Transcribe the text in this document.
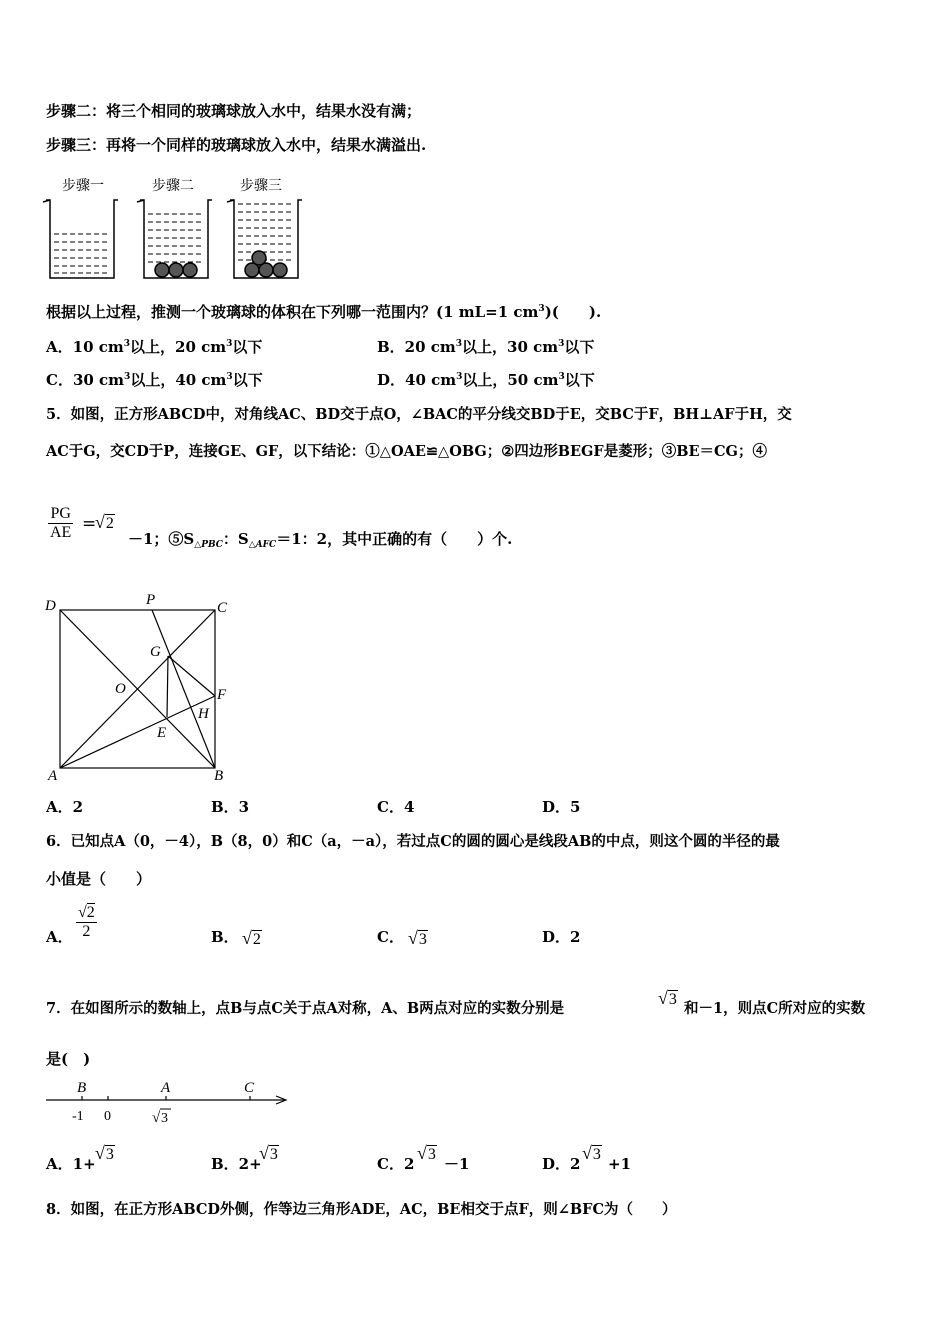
步骤二：将三个相同的玻璃球放入水中，结果水没有满；
步骤三：再将一个同样的玻璃球放入水中，结果水满溢出.
步骤一	步骤二	步骤三
根据以上过程，推测一个玻璃球的体积在下列哪一范围内？(1 mL=1 $cm^3$)(　　).
A．10 $cm^3$以上，20 $cm^3$以下	B．20 $cm^3$以上，30 $cm^3$以下
C．30 $cm^3$以上，40 $cm^3$以下	D．40 $cm^3$以上，50 $cm^3$以下
5．如图，正方形ABCD中，对角线AC、BD交于点O，∠BAC的平分线交BD于E，交BC于F，BH⊥AF于H，交
AC于G，交CD于P，连接GE、GF，以下结论：①△OAE≌△OBG；②四边形BEGF是菱形；③BE＝CG；④
PG
AE =
√2
－1；$⑤S_{\triangle PBC}$：$S_{\triangle AFC}=1$：2，其中正确的有（　　）个.
D	P	C
G
O	F
H
E
A	B
A．2	B．3	C．4	D．5
6．已知点A（0，－4），B（8，0）和C（a，－a），若过点C的圆的圆心是线段AB的中点，则这个圆的半径的最
小值是（　　）
A．
√2
2	B． √2	C． √3	D．2
7．在如图所示的数轴上，点B与点C关于点A对称，A、B两点对应的实数分别是
√3
和－1，则点C所对应的实数
是(　)
B	A	C
-1 0	√ 3
A．1+
√3
B．2+
√3
C．2
√3
－1	D．2
√3
+1
8．如图，在正方形ABCD外侧，作等边三角形ADE，AC，BE相交于点F，则∠BFC为（　　）
